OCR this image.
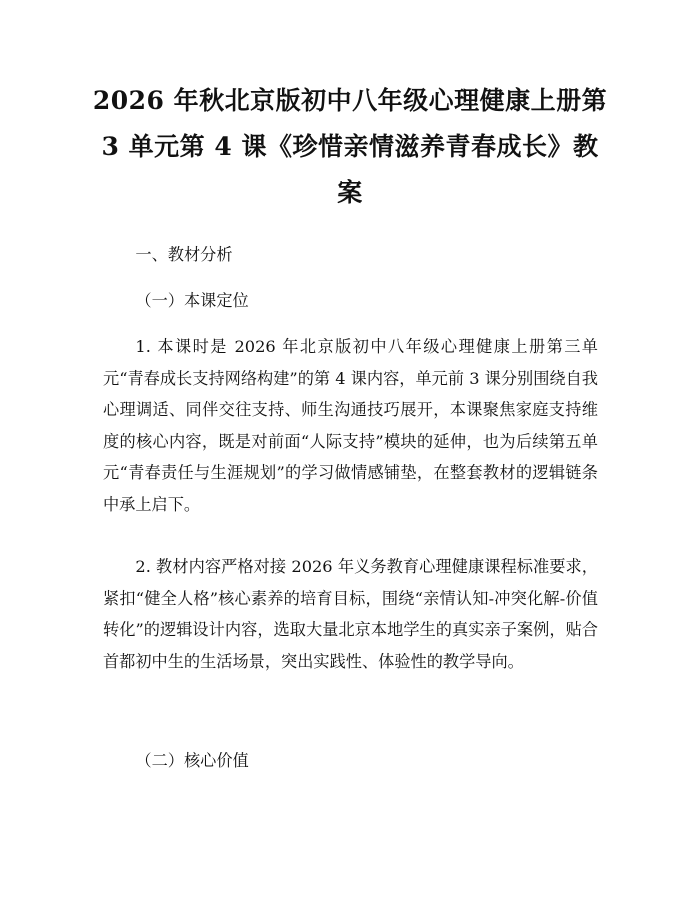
2026 年秋北京版初中八年级心理健康上册第
3 单元第 4 课《珍惜亲情滋养青春成长》教
案

一、教材分析

（一）本课定位

1. 本课时是 2026 年北京版初中八年级心理健康上册第三单元“青春成长支持网络构建”的第 4 课内容，单元前 3 课分别围绕自我心理调适、同伴交往支持、师生沟通技巧展开，本课聚焦家庭支持维度的核心内容，既是对前面“人际支持”模块的延伸，也为后续第五单元“青春责任与生涯规划”的学习做情感铺垫，在整套教材的逻辑链条中承上启下。

2. 教材内容严格对接 2026 年义务教育心理健康课程标准要求，紧扣“健全人格”核心素养的培育目标，围绕“亲情认知-冲突化解-价值转化”的逻辑设计内容，选取大量北京本地学生的真实亲子案例，贴合首都初中生的生活场景，突出实践性、体验性的教学导向。

（二）核心价值
